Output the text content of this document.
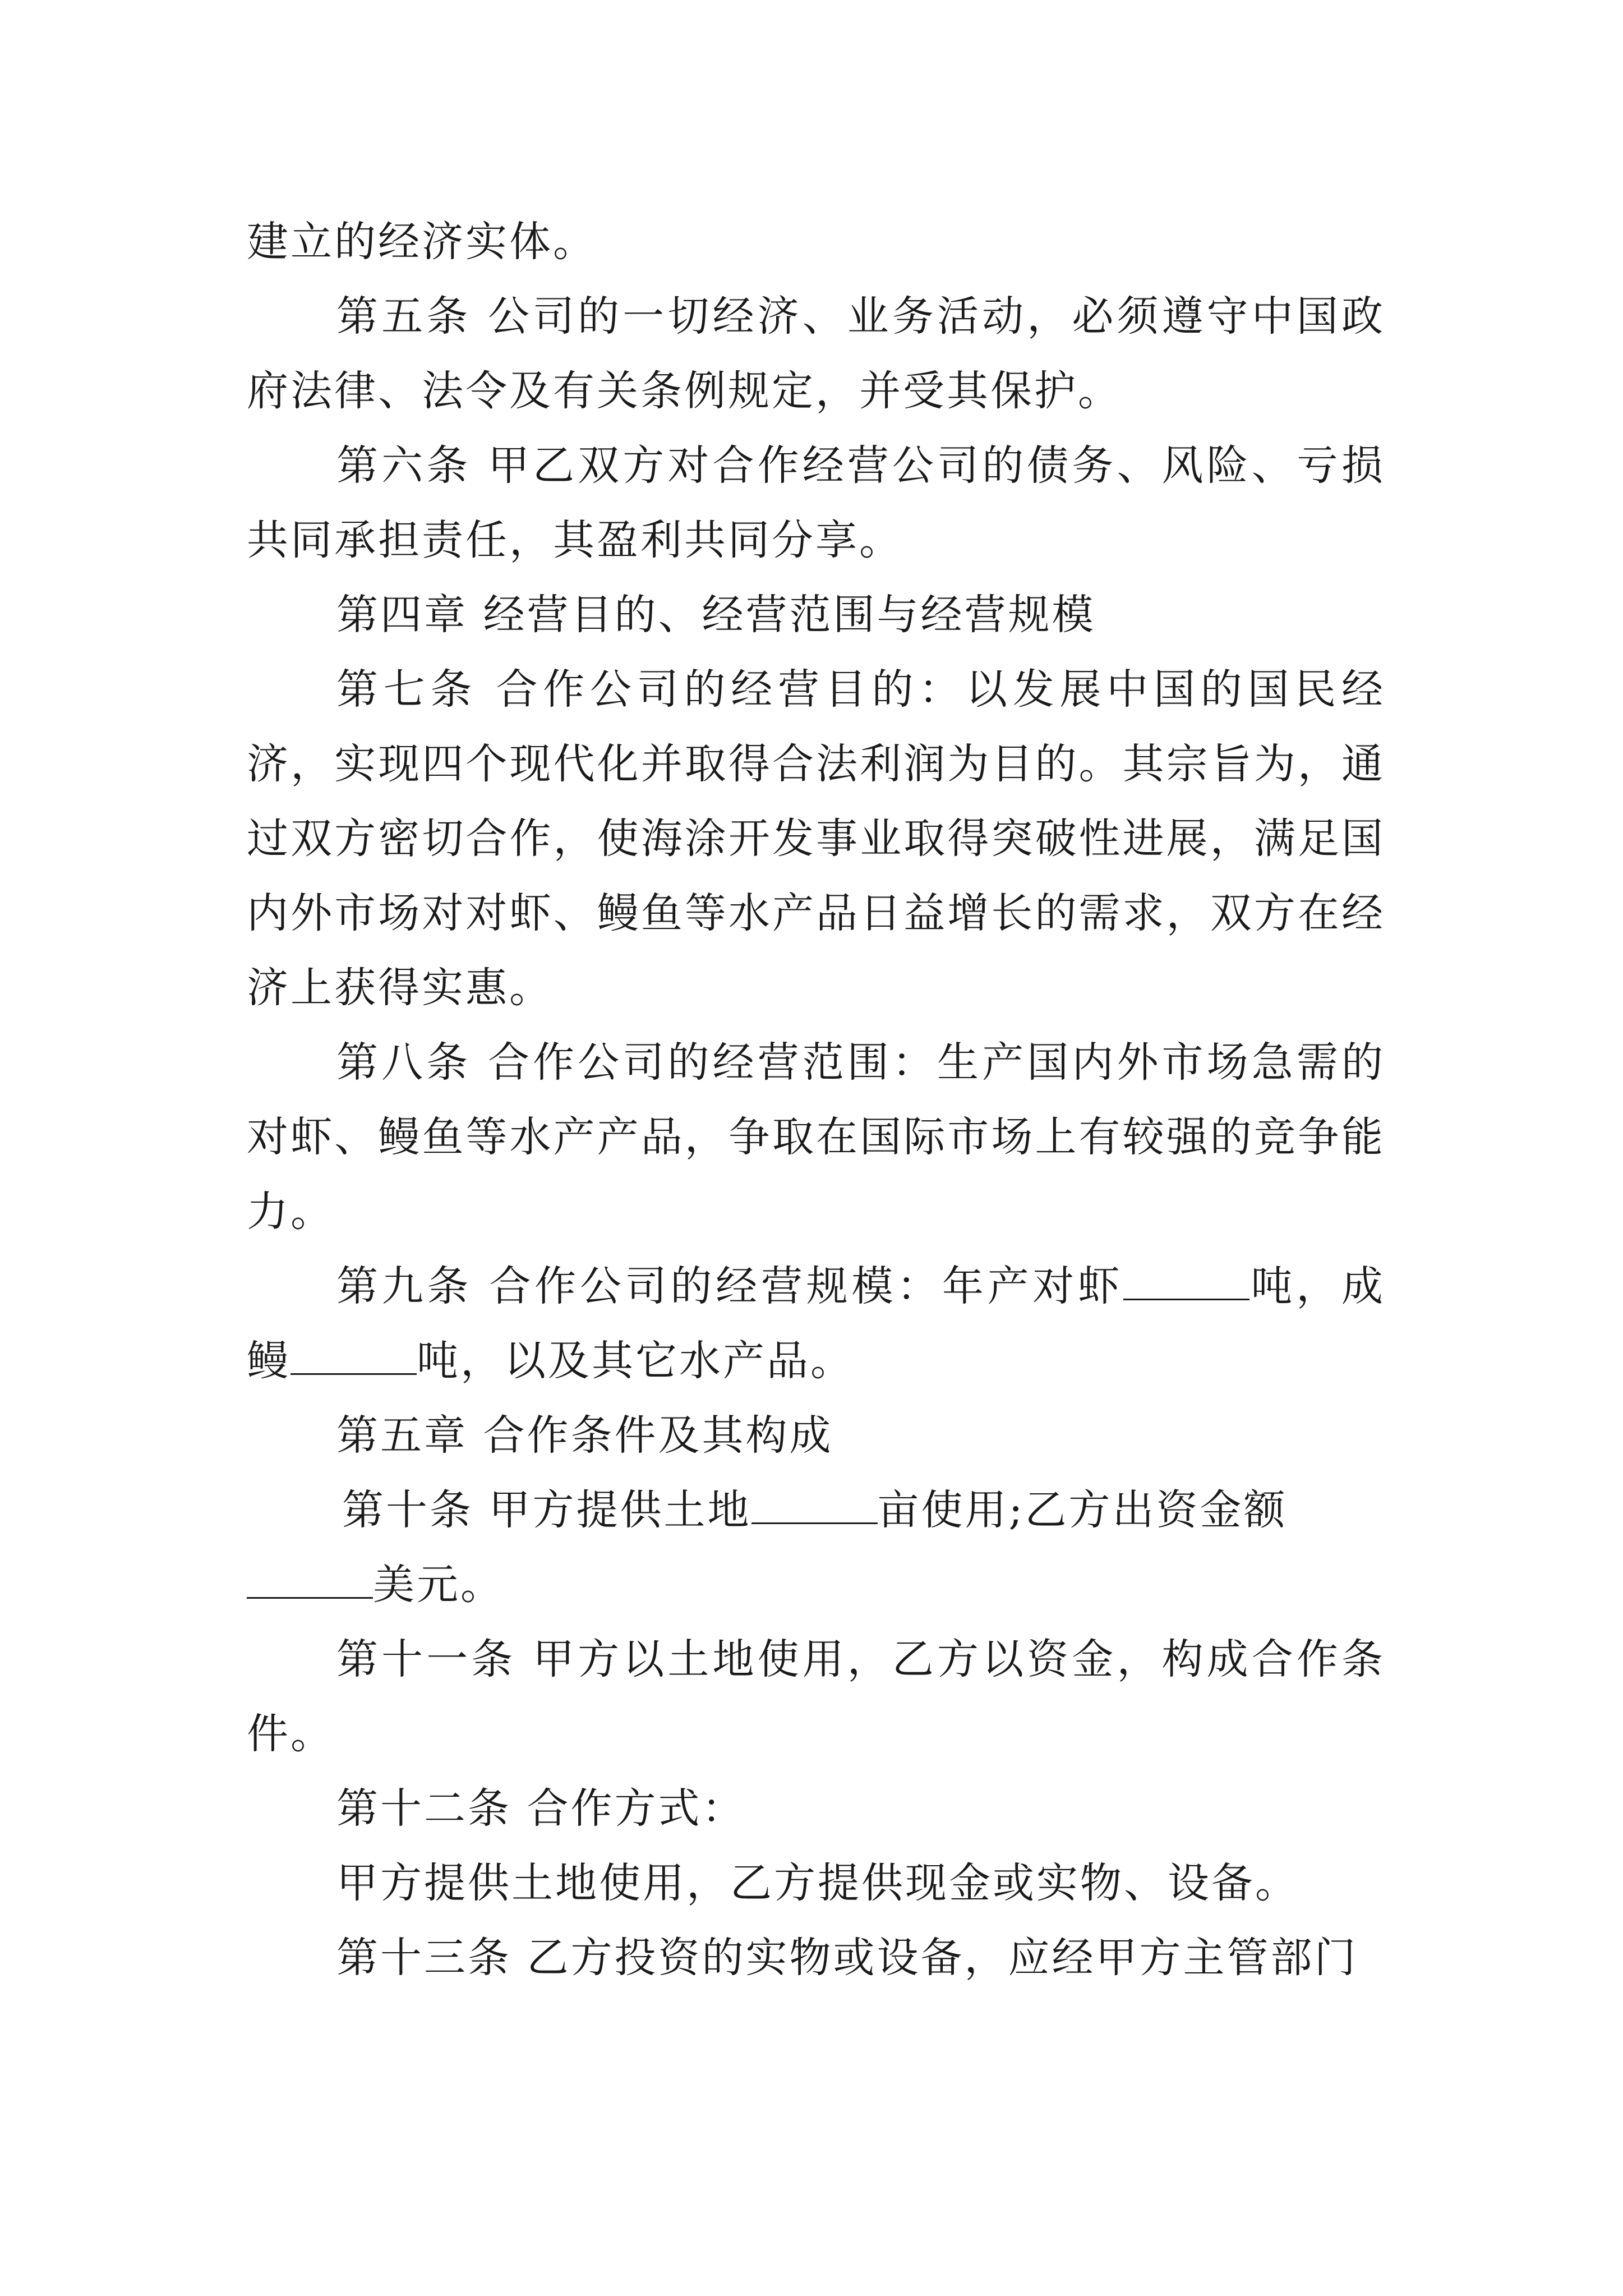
建立的经济实体。

第五条 公司的一切经济、业务活动，必须遵守中国政府法律、法令及有关条例规定，并受其保护。

第六条 甲乙双方对合作经营公司的债务、风险、亏损共同承担责任，其盈利共同分享。

第四章 经营目的、经营范围与经营规模

第七条 合作公司的经营目的：以发展中国的国民经济，实现四个现代化并取得合法利润为目的。其宗旨为，通过双方密切合作，使海涂开发事业取得突破性进展，满足国内外市场对对虾、鳗鱼等水产品日益增长的需求，双方在经济上获得实惠。

第八条 合作公司的经营范围：生产国内外市场急需的对虾、鳗鱼等水产产品，争取在国际市场上有较强的竞争能力。

第九条 合作公司的经营规模：年产对虾	吨，成鳗	吨，以及其它水产品。

第五章 合作条件及其构成

第十条 甲方提供土地	亩使用;乙方出资金额
美元。

第十一条 甲方以土地使用，乙方以资金，构成合作条件。

第十二条 合作方式：

甲方提供土地使用，乙方提供现金或实物、设备。

第十三条 乙方投资的实物或设备，应经甲方主管部门
